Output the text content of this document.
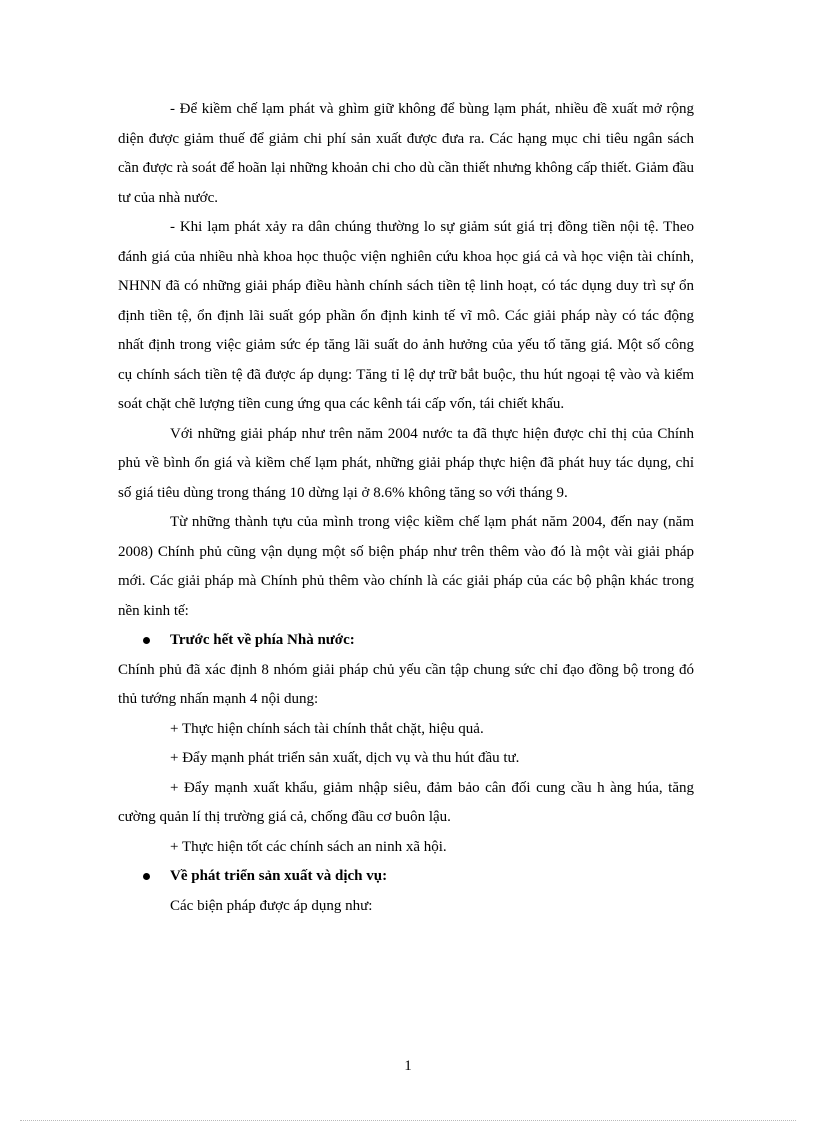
- Để kiềm chế lạm phát và ghìm giữ không để bùng lạm phát, nhiều đề xuất mở rộng diện được giảm thuế để giảm chi phí sản xuất được đưa ra. Các hạng mục chi tiêu ngân sách cần được rà soát để hoãn lại những khoản chi cho dù cần thiết nhưng không cấp thiết. Giảm đầu tư của nhà nước.

- Khi lạm phát xảy ra dân chúng thường lo sự giảm sút giá trị đồng tiền nội tệ. Theo đánh giá của nhiều nhà khoa học thuộc viện nghiên cứu khoa học giá cả và học viện tài chính, NHNN đã có những giải pháp điều hành chính sách tiền tệ linh hoạt, có tác dụng duy trì sự ổn định tiền tệ, ổn định lãi suất góp phần ổn định kinh tế vĩ mô. Các giải pháp này có tác động nhất định trong việc giảm sức ép tăng lãi suất do ảnh hưởng của yếu tố tăng giá. Một số công cụ chính sách tiền tệ đã được áp dụng: Tăng tỉ lệ dự trữ bắt buộc, thu hút ngoại tệ vào và kiểm soát chặt chẽ lượng tiền cung ứng qua các kênh tái cấp vốn, tái chiết khấu.

Với những giải pháp như trên năm 2004 nước ta đã thực hiện được chỉ thị của Chính phủ về bình ổn giá và kiềm chế lạm phát, những giải pháp thực hiện đã phát huy tác dụng, chỉ số giá tiêu dùng trong tháng 10 dừng lại ở 8.6% không tăng so với tháng 9.

Từ những thành tựu của mình trong việc kiềm chế lạm phát năm 2004, đến nay (năm 2008) Chính phủ cũng vận dụng một số biện pháp như trên thêm vào đó là một vài giải pháp mới. Các giải pháp mà Chính phủ thêm vào chính là các giải pháp của các bộ phận khác trong nền kinh tế:

Trước hết về phía Nhà nước:

Chính phủ đã xác định 8 nhóm giải pháp chủ yếu cần tập chung sức chỉ đạo đồng bộ trong đó thủ tướng nhấn mạnh 4 nội dung:

+ Thực hiện chính sách tài chính thắt chặt, hiệu quả.

+ Đẩy mạnh phát triển sản xuất, dịch vụ và thu hút đầu tư.

+ Đẩy mạnh xuất khẩu, giảm nhập siêu, đảm bảo cân đối cung cầu h àng húa, tăng cường quản lí thị trường giá cả, chống đầu cơ buôn lậu.

+ Thực hiện tốt các chính sách an ninh xã hội.

Về phát triển sản xuất và dịch vụ:

Các biện pháp được áp dụng như:

1
